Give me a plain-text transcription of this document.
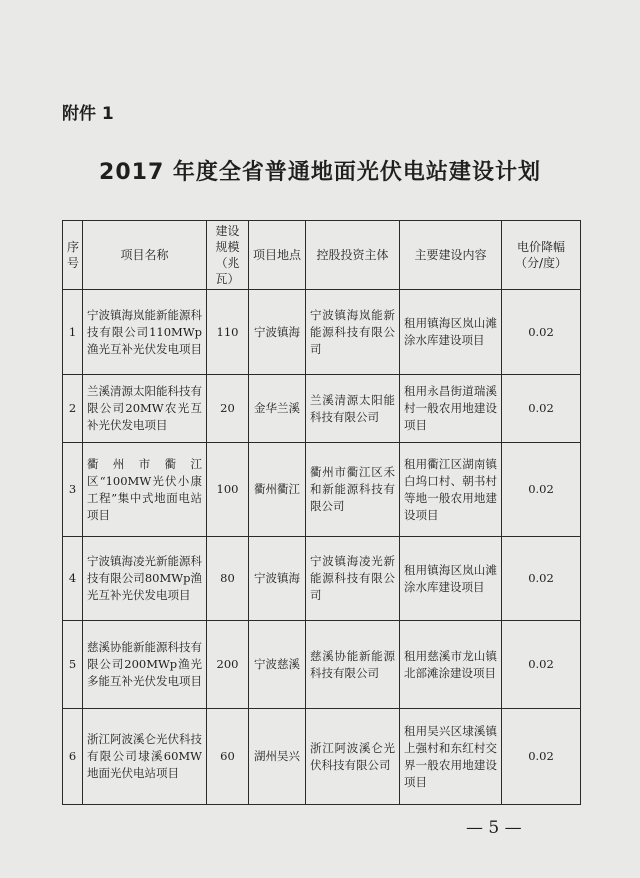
附件 1
2017 年度全省普通地面光伏电站建设计划
序号	项目名称	建设规模（兆瓦）	项目地点	控股投资主体	主要建设内容	电价降幅（分/度）
1	宁波镇海岚能新能源科技有限公司110MWp渔光互补光伏发电项目	110	宁波镇海	宁波镇海岚能新能源科技有限公司	租用镇海区岚山滩涂水库建设项目	0.02
2	兰溪清源太阳能科技有限公司20MW农光互补光伏发电项目	20	金华兰溪	兰溪清源太阳能科技有限公司	租用永昌街道瑞溪村一般农用地建设项目	0.02
3	衢州市衢江区“100MW光伏小康工程”集中式地面电站项目	100	衢州衢江	衢州市衢江区禾和新能源科技有限公司	租用衢江区湖南镇白坞口村、朝书村等地一般农用地建设项目	0.02
4	宁波镇海凌光新能源科技有限公司80MWp渔光互补光伏发电项目	80	宁波镇海	宁波镇海凌光新能源科技有限公司	租用镇海区岚山滩涂水库建设项目	0.02
5	慈溪协能新能源科技有限公司200MWp渔光多能互补光伏发电项目	200	宁波慈溪	慈溪协能新能源科技有限公司	租用慈溪市龙山镇北部滩涂建设项目	0.02
6	浙江阿波溪仑光伏科技有限公司埭溪60MW地面光伏电站项目	60	湖州吴兴	浙江阿波溪仑光伏科技有限公司	租用吴兴区埭溪镇上强村和东红村交界一般农用地建设项目	0.02
— 5 —
